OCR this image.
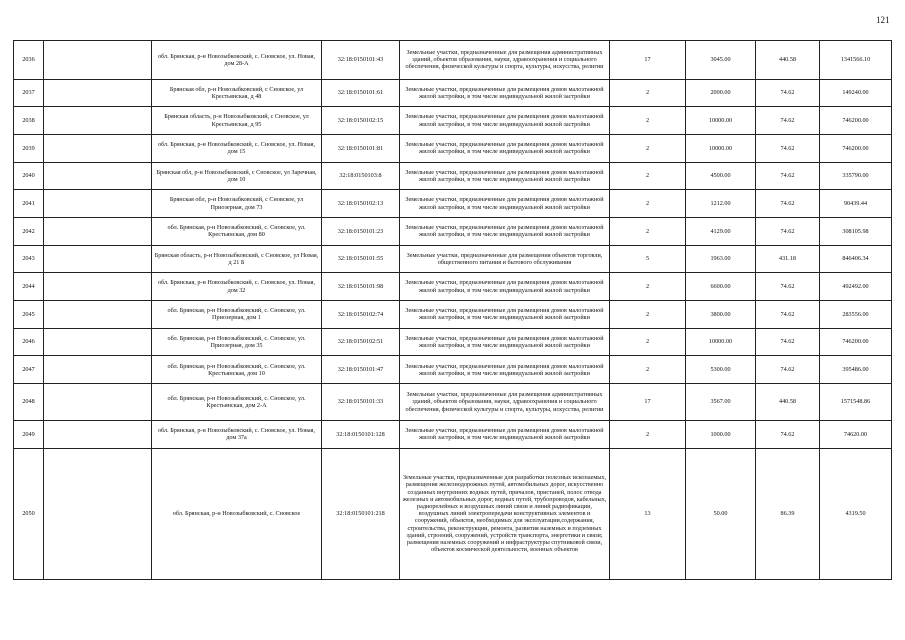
121
2036		обл. Брянская, р-н Новозыбковский, с. Сновское, ул. Новая, дом 28-А	32:18:0150101:43	Земельные участки, предназначенные для размещения административных зданий, объектов образования, науки, здравоохранения и социального обеспечения, физической культуры и спорта, культуры, искусства, религии	17	3045.00	440.58	1341566.10
2037		Брянская обл, р-н Новозыбковский, с Сновское, ул Крестьянская, д 48	32:18:0150101:61	Земельные участки, предназначенные для размещения домов малоэтажной жилой застройки, в том числе индивидуальной жилой застройки	2	2000.00	74.62	149240.00
2038		Брянская область, р-н Новозыбковский, с Сновское, ул Крестьянская, д 95	32:18:0150102:15	Земельные участки, предназначенные для размещения домов малоэтажной жилой застройки, в том числе индивидуальной жилой застройки	2	10000.00	74.62	746200.00
2039		обл. Брянская, р-н Новозыбковский, с. Сновское, ул. Новая, дом 15	32:18:0150101:81	Земельные участки, предназначенные для размещения домов малоэтажной жилой застройки, в том числе индивидуальной жилой застройки	2	10000.00	74.62	746200.00
2040		Брянская обл, р-н Новозыбковский, с Сновское, ул Заречная, дом 10	32:18:0150103:8	Земельные участки, предназначенные для размещения домов малоэтажной жилой застройки, в том числе индивидуальной жилой застройки	2	4500.00	74.62	335790.00
2041		Брянская обл, р-н Новозыбковский, с Сновское, ул Приозерная, дом 73	32:18:0150102:13	Земельные участки, предназначенные для размещения домов малоэтажной жилой застройки, в том числе индивидуальной жилой застройки	2	1212.00	74.62	90439.44
2042		обл. Брянская, р-н Новозыбковский, с. Сновское, ул. Крестьянская, дом 80	32:18:0150101:23	Земельные участки, предназначенные для размещения домов малоэтажной жилой застройки, в том числе индивидуальной жилой застройки	2	4129.00	74.62	308105.98
2043		Брянская область, р-н Новозыбковский, с Сновское, ул Новая, д 21 Б	32:18:0150101:55	Земельные участки, предназначенные для размещения объектов торговли, общественного питания и бытового обслуживания	5	1963.00	431.18	846406.34
2044		обл. Брянская, р-н Новозыбковский, с. Сновское, ул. Новая, дом 32	32:18:0150101:98	Земельные участки, предназначенные для размещения домов малоэтажной жилой застройки, в том числе индивидуальной жилой застройки	2	6600.00	74.62	492492.00
2045		обл. Брянская, р-н Новозыбковский, с. Сновское, ул. Приозерная, дом 1	32:18:0150102:74	Земельные участки, предназначенные для размещения домов малоэтажной жилой застройки, в том числе индивидуальной жилой застройки	2	3800.00	74.62	283556.00
2046		обл. Брянская, р-н Новозыбковский, с. Сновское, ул. Приозерная, дом 35	32:18:0150102:51	Земельные участки, предназначенные для размещения домов малоэтажной жилой застройки, в том числе индивидуальной жилой застройки	2	10000.00	74.62	746200.00
2047		обл. Брянская, р-н Новозыбковский, с. Сновское, ул. Крестьянская, дом 10	32:18:0150101:47	Земельные участки, предназначенные для размещения домов малоэтажной жилой застройки, в том числе индивидуальной жилой застройки	2	5300.00	74.62	395486.00
2048		обл. Брянская, р-н Новозыбковский, с. Сновское, ул. Крестьянская, дом 2-А	32:18:0150101:33	Земельные участки, предназначенные для размещения административных зданий, объектов образования, науки, здравоохранения и социального обеспечения, физической культуры и спорта, культуры, искусства, религии	17	3567.00	440.58	1571548.86
2049		обл. Брянская, р-н Новозыбковский, с. Сновское, ул. Новая, дом 37а	32:18:0150101:128	Земельные участки, предназначенные для размещения домов малоэтажной жилой застройки, в том числе индивидуальной жилой застройки	2	1000.00	74.62	74620.00
2050		обл. Брянская, р-н Новозыбковский, с. Сновское	32:18:0150101:218	Земельные участки, предназначенные для разработки полезных ископаемых, размещения железнодорожных путей, автомобильных дорог, искусственно созданных внутренних водных путей, причалов, пристаней, полос отвода железных и автомобильных дорог, водных путей, трубопроводов, кабельных, радиорелейных и воздушных линий связи и линий радиофикации, воздушных линий электропередачи конструктивных элементов и сооружений, объектов, необходимых для эксплуатации,содержания, строительства, реконструкции, ремонта, развития наземных и подземных зданий, строений, сооружений, устройств транспорта, энергетики и связи; размещения наземных сооружений и инфраструктуры спутниковой связи, объектов космической деятельности, военных объектов	13	50.00	86.39	4319.50
